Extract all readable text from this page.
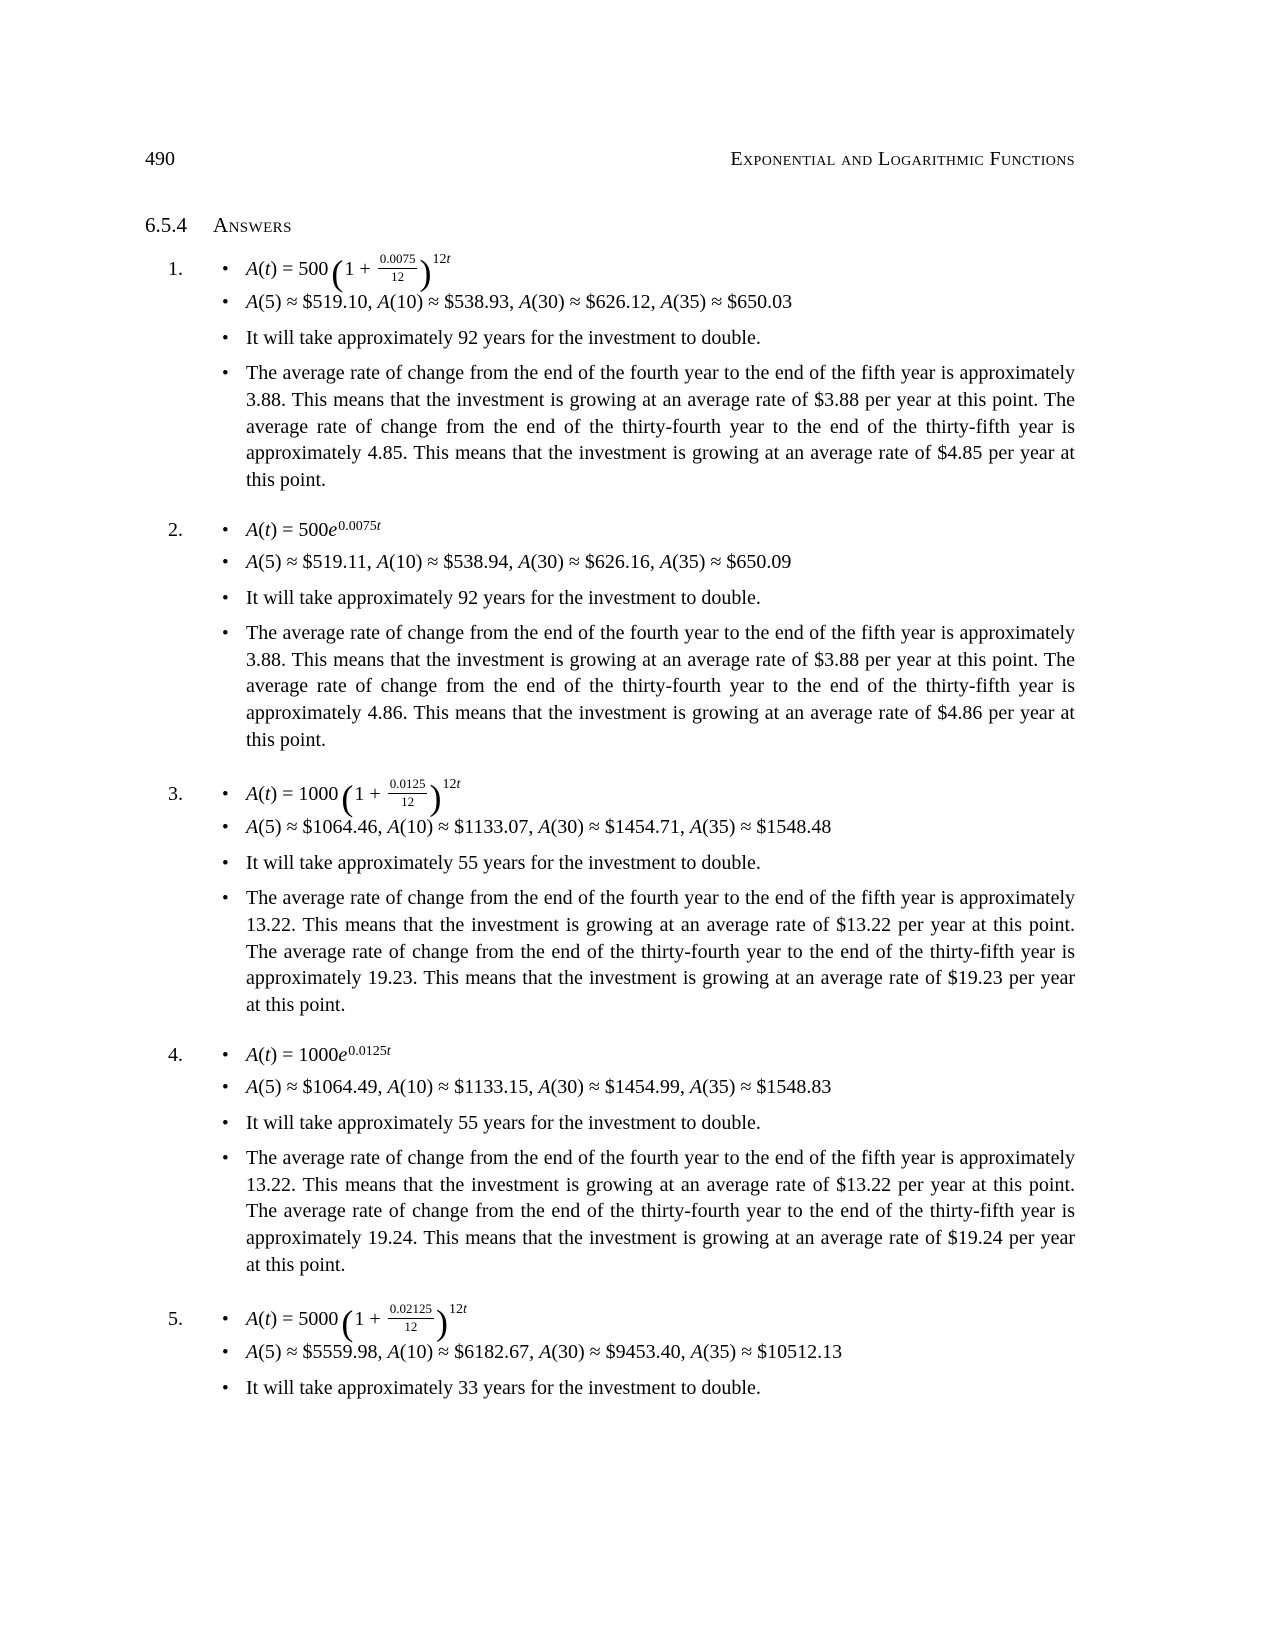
490	Exponential and Logarithmic Functions
6.5.4 Answers
1.	• $A(t) = 500(1 + \frac{0.0075}{12} )^{12t}$
• A(5) ≈ $519.10, A(10) ≈ $538.93, A(30) ≈ $626.12, A(35) ≈ $650.03
• It will take approximately 92 years for the investment to double.
• The average rate of change from the end of the fourth year to the end of the fifth year is approximately 3.88. This means that the investment is growing at an average rate of $3.88 per year at this point. The average rate of change from the end of the thirty-fourth year to the end of the thirty-fifth year is approximately 4.85. This means that the investment is growing at an average rate of $4.85 per year at this point.
2.	• $A(t) = 500e^{0.0075t}$
• A(5) ≈ $519.11, A(10) ≈ $538.94, A(30) ≈ $626.16, A(35) ≈ $650.09
• It will take approximately 92 years for the investment to double.
• The average rate of change from the end of the fourth year to the end of the fifth year is approximately 3.88. This means that the investment is growing at an average rate of $3.88 per year at this point. The average rate of change from the end of the thirty-fourth year to the end of the thirty-fifth year is approximately 4.86. This means that the investment is growing at an average rate of $4.86 per year at this point.
3.	• $A(t) = 1000(1 + \frac{0.0125}{12} )^{12t}$
• A(5) ≈ $1064.46, A(10) ≈ $1133.07, A(30) ≈ $1454.71, A(35) ≈ $1548.48
• It will take approximately 55 years for the investment to double.
• The average rate of change from the end of the fourth year to the end of the fifth year is approximately 13.22. This means that the investment is growing at an average rate of $13.22 per year at this point. The average rate of change from the end of the thirty-fourth year to the end of the thirty-fifth year is approximately 19.23. This means that the investment is growing at an average rate of $19.23 per year at this point.
4.	• $A(t) = 1000e^{0.0125t}$
• A(5) ≈ $1064.49, A(10) ≈ $1133.15, A(30) ≈ $1454.99, A(35) ≈ $1548.83
• It will take approximately 55 years for the investment to double.
• The average rate of change from the end of the fourth year to the end of the fifth year is approximately 13.22. This means that the investment is growing at an average rate of $13.22 per year at this point. The average rate of change from the end of the thirty-fourth year to the end of the thirty-fifth year is approximately 19.24. This means that the investment is growing at an average rate of $19.24 per year at this point.
5.	• $A(t) = 5000(1 + \frac{0.02125}{12} )^{12t}$
• A(5) ≈ $5559.98, A(10) ≈ $6182.67, A(30) ≈ $9453.40, A(35) ≈ $10512.13
• It will take approximately 33 years for the investment to double.
